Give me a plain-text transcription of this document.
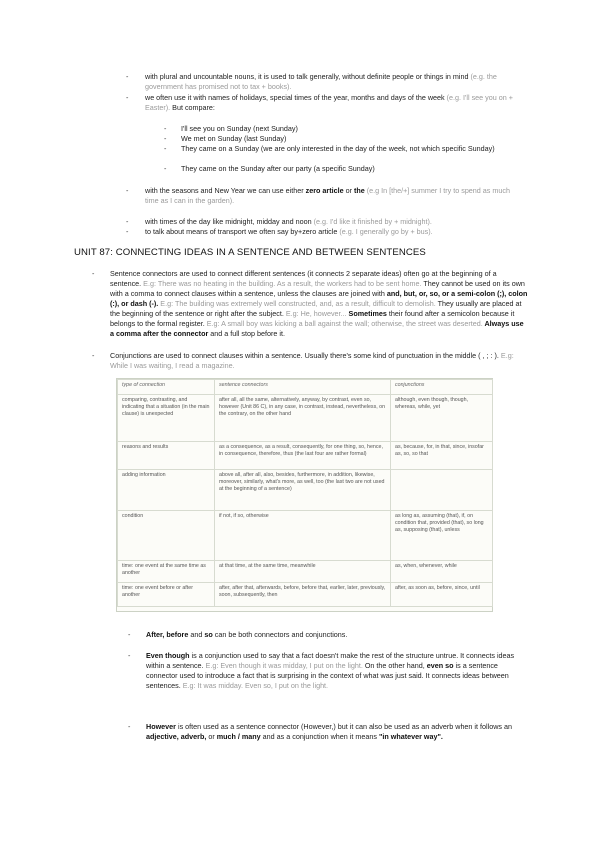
- with plural and uncountable nouns, it is used to talk generally, without definite people or things in mind (e.g. the government has promised not to tax + books).
- we often use it with names of holidays, special times of the year, months and days of the week (e.g. I'll see you on + Easter). But compare:
- I'll see you on Sunday (next Sunday)
- We met on Sunday (last Sunday)
- They came on a Sunday (we are only interested in the day of the week, not which specific Sunday)
- They came on the Sunday after our party (a specific Sunday)
- with the seasons and New Year we can use either zero article or the (e.g In [the/+] summer I try to spend as much time as I can in the garden).
- with times of the day like midnight, midday and noon (e.g. I'd like it finished by + midnight).
- to talk about means of transport we often say by+zero article (e.g. I generally go by + bus).
UNIT 87: CONNECTING IDEAS IN A SENTENCE AND BETWEEN SENTENCES
- Sentence connectors are used to connect different sentences (it connects 2 separate ideas) often go at the beginning of a sentence. E.g: There was no heating in the building. As a result, the workers had to be sent home. They cannot be used on its own with a comma to connect clauses within a sentence, unless the clauses are joined with and, but, or, so, or a semi-colon (;), colon (:), or dash (-). E.g: The building was extremely well constructed, and, as a result, difficult to demolish. They usually are placed at the beginning of the sentence or right after the subject. E.g: He, however... Sometimes their found after a semicolon because it belongs to the formal register. E.g: A small boy was kicking a ball against the wall; otherwise, the street was deserted. Always use a comma after the connector and a full stop before it.
- Conjunctions are used to connect clauses within a sentence. Usually there's some kind of punctuation in the middle ( , ; : ). E.g: While I was waiting, I read a magazine.
type of connection	sentence connectors	conjunctions
comparing, contrasting, and indicating that a situation (in the main clause) is unexpected	after all, all the same, alternatively, anyway, by contrast, even so, however (Unit 86 C), in any case, in contrast, instead, nevertheless, on the contrary, on the other hand	although, even though, though, whereas, while, yet
reasons and results	as a consequence, as a result, consequently, for one thing, so, hence, in consequence, therefore, thus (the last four are rather formal)	as, because, for, in that, since, insofar as, so, so that
adding information	above all, after all, also, besides, furthermore, in addition, likewise, moreover, similarly, what's more, as well, too (the last two are not used at the beginning of a sentence)	
condition	if not, if so, otherwise	as long as, assuming (that), if, on condition that, provided (that), so long as, supposing (that), unless
time: one event at the same time as another	at that time, at the same time, meanwhile	as, when, whenever, while
time: one event before or after another	after, after that, afterwards, before, before that, earlier, later, previously, soon, subsequently, then	after, as soon as, before, since, until
- After, before and so can be both connectors and conjunctions.
- Even though is a conjunction used to say that a fact doesn't make the rest of the structure untrue. It connects ideas within a sentence. E.g: Even though it was midday, I put on the light. On the other hand, even so is a sentence connector used to introduce a fact that is surprising in the context of what was just said. It connects ideas between sentences. E.g: It was midday. Even so, I put on the light.
- However is often used as a sentence connector (However,) but it can also be used as an adverb when it follows an adjective, adverb, or much / many and as a conjunction when it means "in whatever way".
